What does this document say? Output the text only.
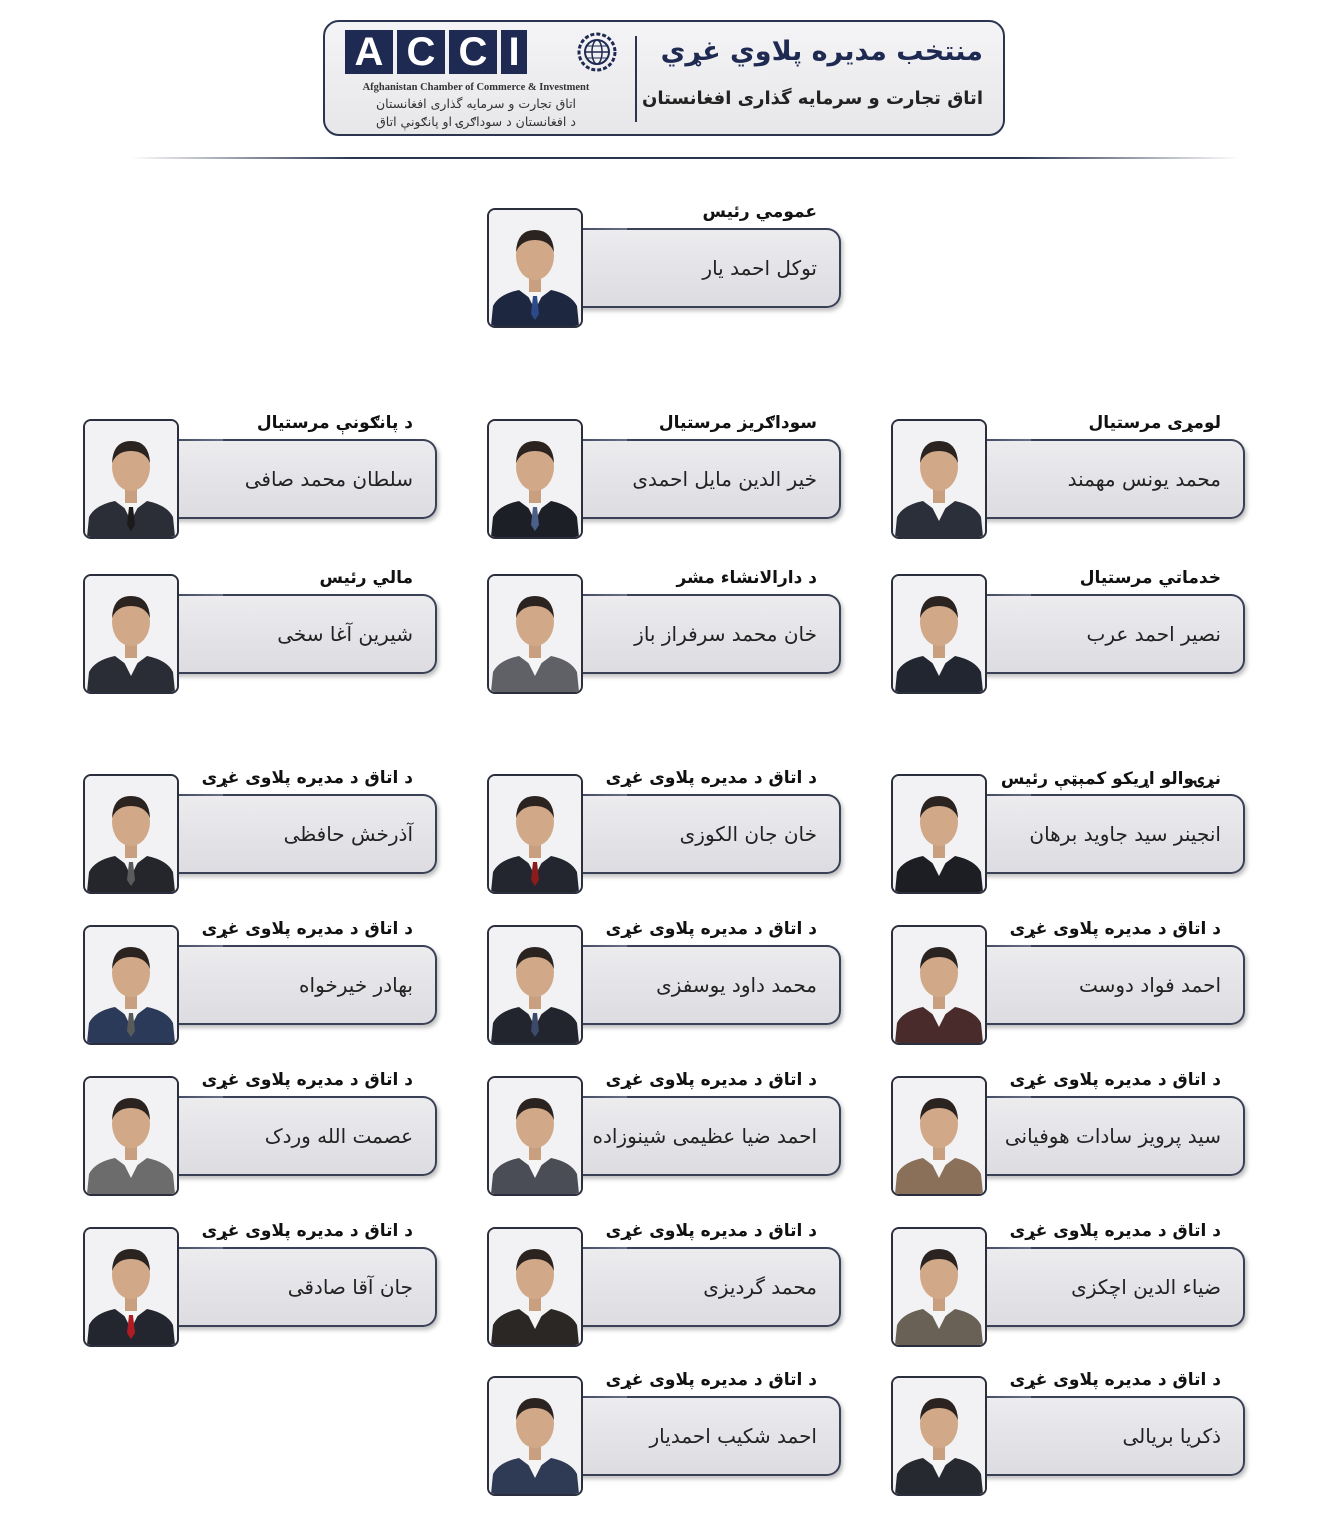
A C C I
Afghanistan Chamber of Commerce & Investment
اتاق تجارت و سرمایه گذاری افغانستان
د افغانستان د سوداګرۍ او پانګونې اتاق
منتخب مدیره پلاوي غړي
اتاق تجارت و سرمایه گذاری افغانستان
توکل احمد یار
عمومي رئیس
محمد یونس مهمند
لومړی مرستیال
خیر الدین مایل احمدی
سوداګریز مرستیال
سلطان محمد صافی
د پانګونې مرستیال
نصیر احمد عرب
خدماتي مرستیال
خان محمد سرفراز باز
د دارالانشاء مشر
شیرین آغا سخی
مالي رئیس
انجینر سید جاوید برهان
نړۍوالو اړیکو کمېټې رئیس
خان جان الکوزی
د اتاق د مدیره پلاوی غړی
آذرخش حافظی
د اتاق د مدیره پلاوی غړی
احمد فواد دوست
د اتاق د مدیره پلاوی غړی
محمد داود یوسفزی
د اتاق د مدیره پلاوی غړی
بهادر خیرخواه
د اتاق د مدیره پلاوی غړی
سید پرویز سادات هوفیانی
د اتاق د مدیره پلاوی غړی
احمد ضیا عظیمی شینوزاده
د اتاق د مدیره پلاوی غړی
عصمت الله وردک
د اتاق د مدیره پلاوی غړی
ضیاء الدین اچکزی
د اتاق د مدیره پلاوی غړی
محمد گردیزی
د اتاق د مدیره پلاوی غړی
جان آقا صادقی
د اتاق د مدیره پلاوی غړی
ذکریا بریالی
د اتاق د مدیره پلاوی غړی
احمد شکیب احمدیار
د اتاق د مدیره پلاوی غړی
